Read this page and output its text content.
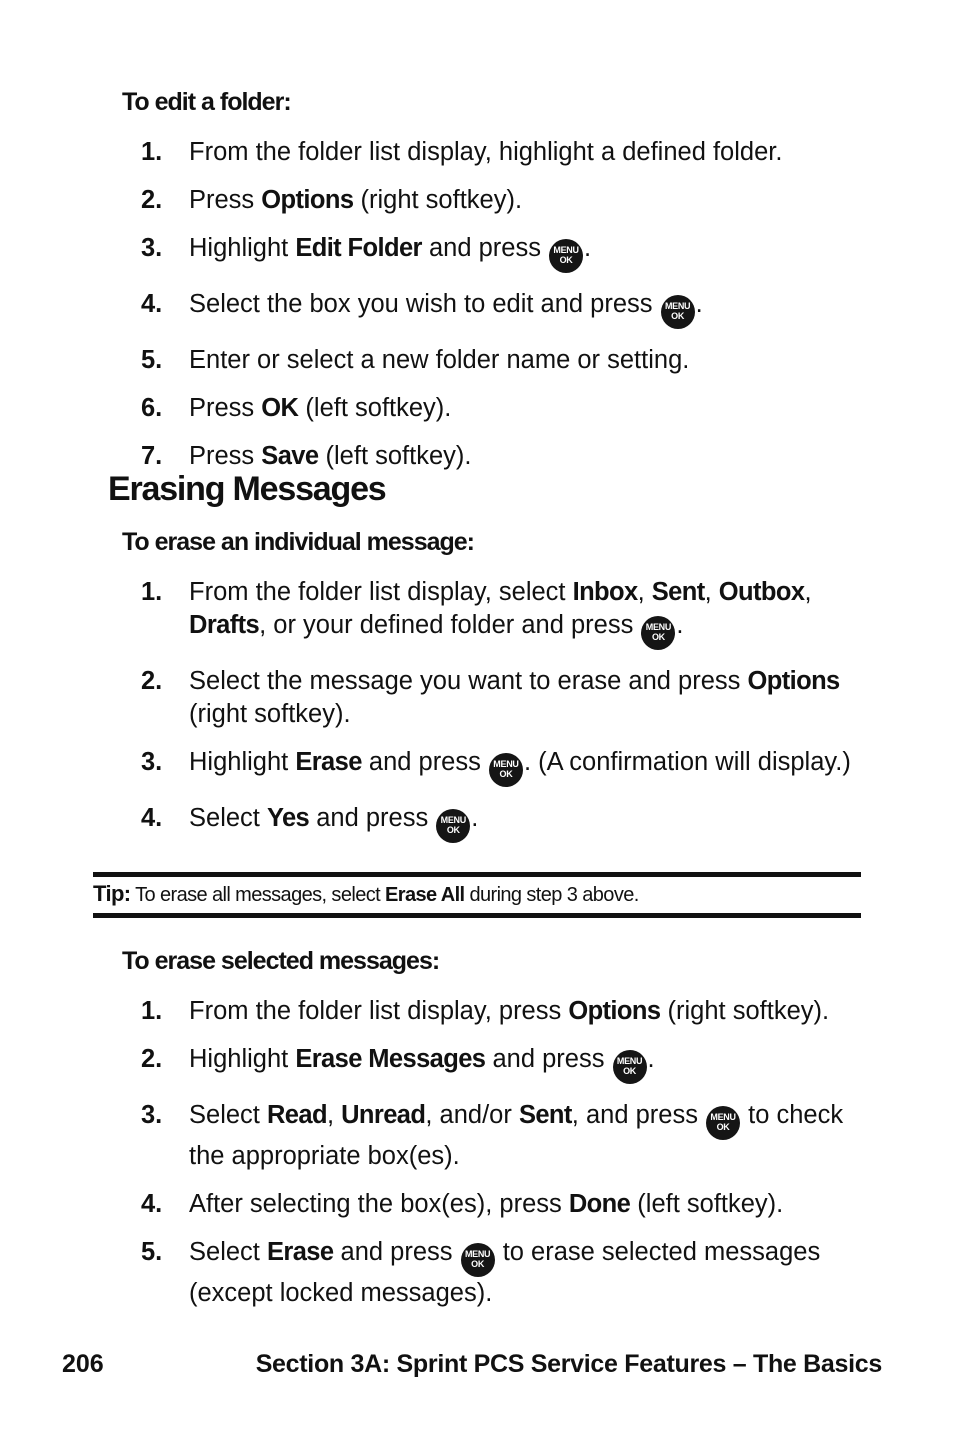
To edit a folder:
1. From the folder list display, highlight a defined folder.
2. Press Options (right softkey).
3. Highlight Edit Folder and press MENU
OK .
4. Select the box you wish to edit and press MENU
OK .
5. Enter or select a new folder name or setting.
6. Press OK (left softkey).
7. Press Save (left softkey).
Erasing Messages
To erase an individual message:
1. From the folder list display, select Inbox, Sent, Outbox, Drafts, or your defined folder and press MENU
OK .
2. Select the message you want to erase and press Options (right softkey).
3. Highlight Erase and press MENU
OK . (A confirmation will display.)
4. Select Yes and press MENU
OK .
Tip: To erase all messages, select Erase All during step 3 above.
To erase selected messages:
1. From the folder list display, press Options (right softkey).
2. Highlight Erase Messages and press MENU
OK .
3. Select Read, Unread, and/or Sent, and press MENU
OK to check the appropriate box(es).
4. After selecting the box(es), press Done (left softkey).
5. Select Erase and press MENU
OK to erase selected messages (except locked messages).
206	Section 3A: Sprint PCS Service Features – The Basics
